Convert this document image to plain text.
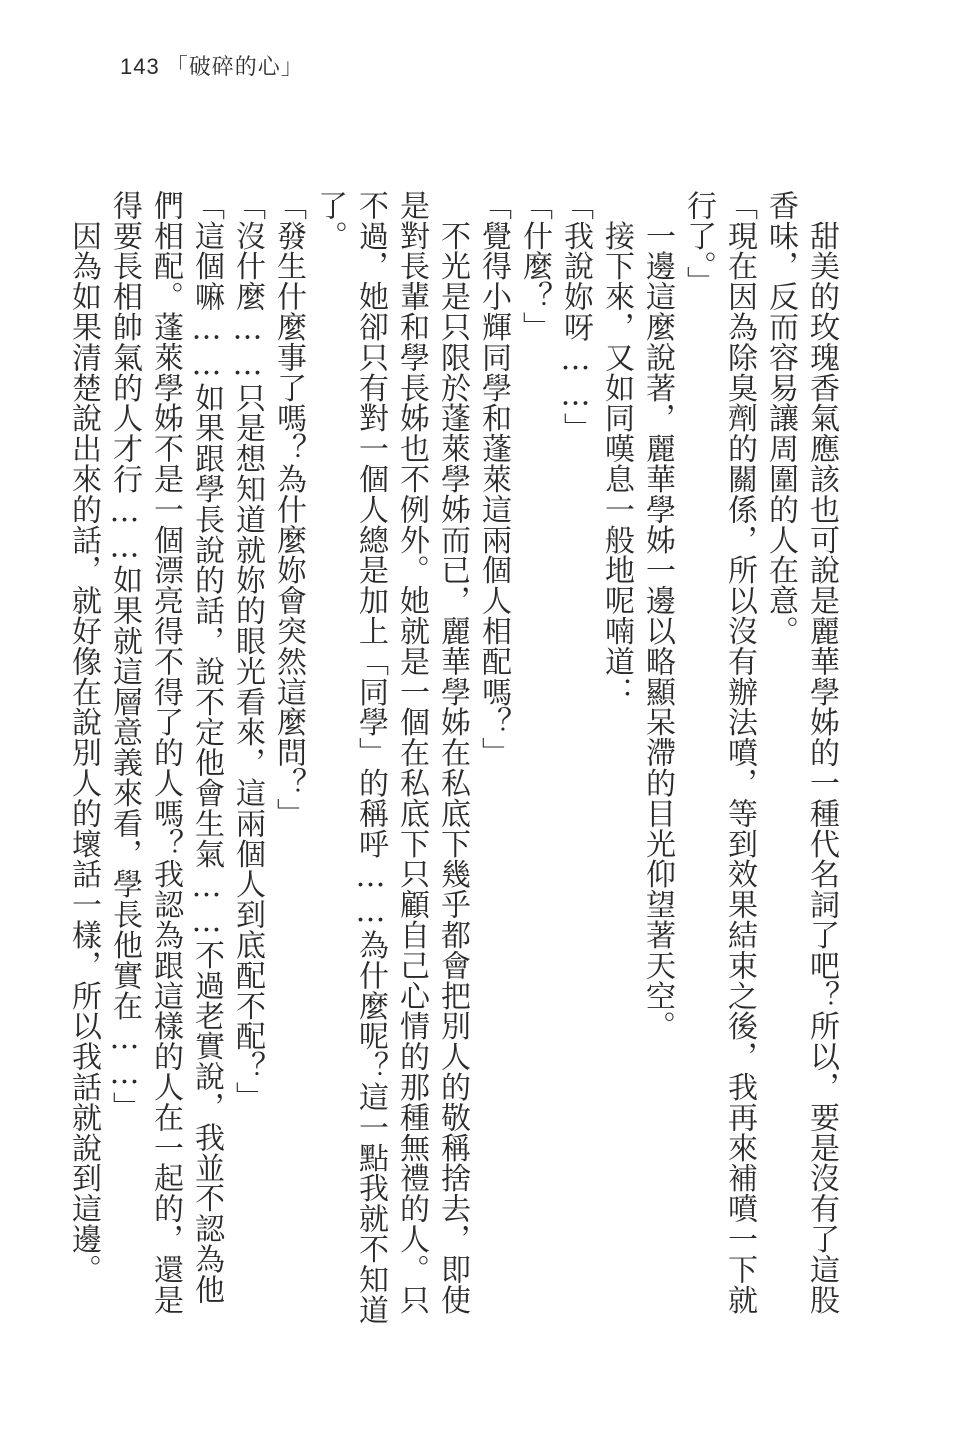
143 「破碎的心」

　甜美的玫瑰香氣應該也可說是麗華學姊的一種代名詞了吧？所以，要是沒有了這股香味，反而容易讓周圍的人在意。

「現在因為除臭劑的關係，所以沒有辦法噴，等到效果結束之後，我再來補噴一下就行了。」

　一邊這麼說著，麗華學姊一邊以略顯呆滯的目光仰望著天空。

　接下來，又如同嘆息一般地呢喃道：

「我說妳呀……」

「什麼？」

「覺得小輝同學和蓬萊這兩個人相配嗎？」

　不光是只限於蓬萊學姊而已，麗華學姊在私底下幾乎都會把別人的敬稱捨去，即使是對長輩和學長姊也不例外。她就是一個在私底下只顧自己心情的那種無禮的人。只不過，她卻只有對一個人總是加上「同學」的稱呼……為什麼呢？這一點我就不知道了。

「發生什麼事了嗎？為什麼妳會突然這麼問？」

「沒什麼……只是想知道就妳的眼光看來，這兩個人到底配不配？」

「這個嘛……如果跟學長說的話，說不定他會生氣……不過老實說，我並不認為他們相配。蓬萊學姊不是一個漂亮得不得了的人嗎？我認為跟這樣的人在一起的，還是得要長相帥氣的人才行……如果就這層意義來看，學長他實在……」

　因為如果清楚說出來的話，就好像在說別人的壞話一樣，所以我話就說到這邊。
